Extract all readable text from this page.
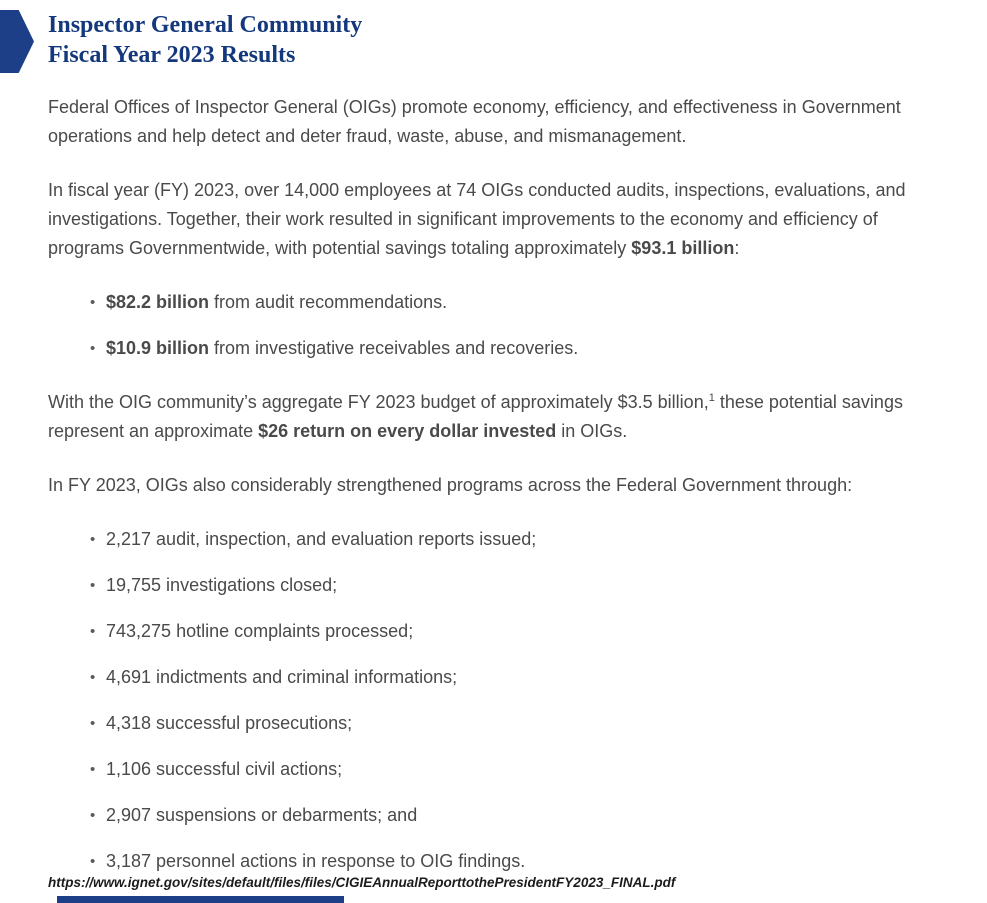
Inspector General Community
Fiscal Year 2023 Results

Federal Offices of Inspector General (OIGs) promote economy, efficiency, and effectiveness in Government operations and help detect and deter fraud, waste, abuse, and mismanagement.

In fiscal year (FY) 2023, over 14,000 employees at 74 OIGs conducted audits, inspections, evaluations, and investigations. Together, their work resulted in significant improvements to the economy and efficiency of programs Governmentwide, with potential savings totaling approximately $93.1 billion:

• $82.2 billion from audit recommendations.
• $10.9 billion from investigative receivables and recoveries.

With the OIG community’s aggregate FY 2023 budget of approximately $3.5 billion,$^1$ these potential savings represent an approximate $26 return on every dollar invested in OIGs.

In FY 2023, OIGs also considerably strengthened programs across the Federal Government through:

• 2,217 audit, inspection, and evaluation reports issued;
• 19,755 investigations closed;
• 743,275 hotline complaints processed;
• 4,691 indictments and criminal informations;
• 4,318 successful prosecutions;
• 1,106 successful civil actions;
• 2,907 suspensions or debarments; and
• 3,187 personnel actions in response to OIG findings.
https://www.ignet.gov/sites/default/files/files/CIGIEAnnualReporttothePresidentFY2023_FINAL.pdf
